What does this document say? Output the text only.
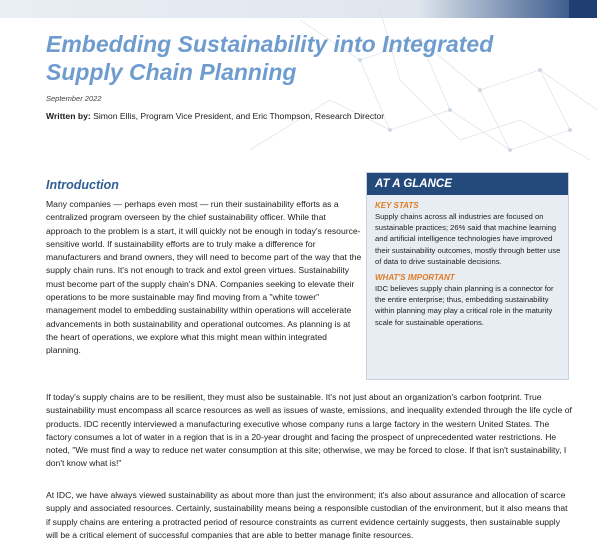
Embedding Sustainability into Integrated Supply Chain Planning
September 2022
Written by: Simon Ellis, Program Vice President, and Eric Thompson, Research Director
Introduction

Many companies — perhaps even most — run their sustainability efforts as a centralized program overseen by the chief sustainability officer. While that approach to the problem is a start, it will quickly not be enough in today's resource-sensitive world. If sustainability efforts are to truly make a difference for manufacturers and brand owners, they will need to become part of the way that the supply chain runs. It's not enough to track and extol green virtues. Sustainability must become part of the supply chain's DNA. Companies seeking to elevate their operations to be more sustainable may find moving from a "white tower" management model to embedding sustainability within operations will accelerate advancements in both sustainability and operational outcomes. As planning is at the heart of operations, we explore what this might mean within integrated planning.

AT A GLANCE
KEY STATS

Supply chains across all industries are focused on sustainable practices; 26% said that machine learning and artificial intelligence technologies have improved their sustainability outcomes, mostly through better use of data to drive sustainable decisions.

WHAT'S IMPORTANT

IDC believes supply chain planning is a connector for the entire enterprise; thus, embedding sustainability within planning may play a critical role in the maturity scale for sustainable operations.

If today's supply chains are to be resilient, they must also be sustainable. It's not just about an organization's carbon footprint. True sustainability must encompass all scarce resources as well as issues of waste, emissions, and inequality extended through the life cycle of products. IDC recently interviewed a manufacturing executive whose company runs a large factory in the western United States. The factory consumes a lot of water in a region that is in a 20-year drought and facing the prospect of unprecedented water restrictions. He noted, "We must find a way to reduce net water consumption at this site; otherwise, we may be forced to close. If that isn't sustainability, I don't know what is!"

At IDC, we have always viewed sustainability as about more than just the environment; it's also about assurance and allocation of scarce supply and associated resources. Certainly, sustainability means being a responsible custodian of the environment, but it also means that if supply chains are entering a protracted period of resource constraints as current evidence certainly suggests, then sustainable supply will be a critical element of successful companies that are able to better manage finite resources.
